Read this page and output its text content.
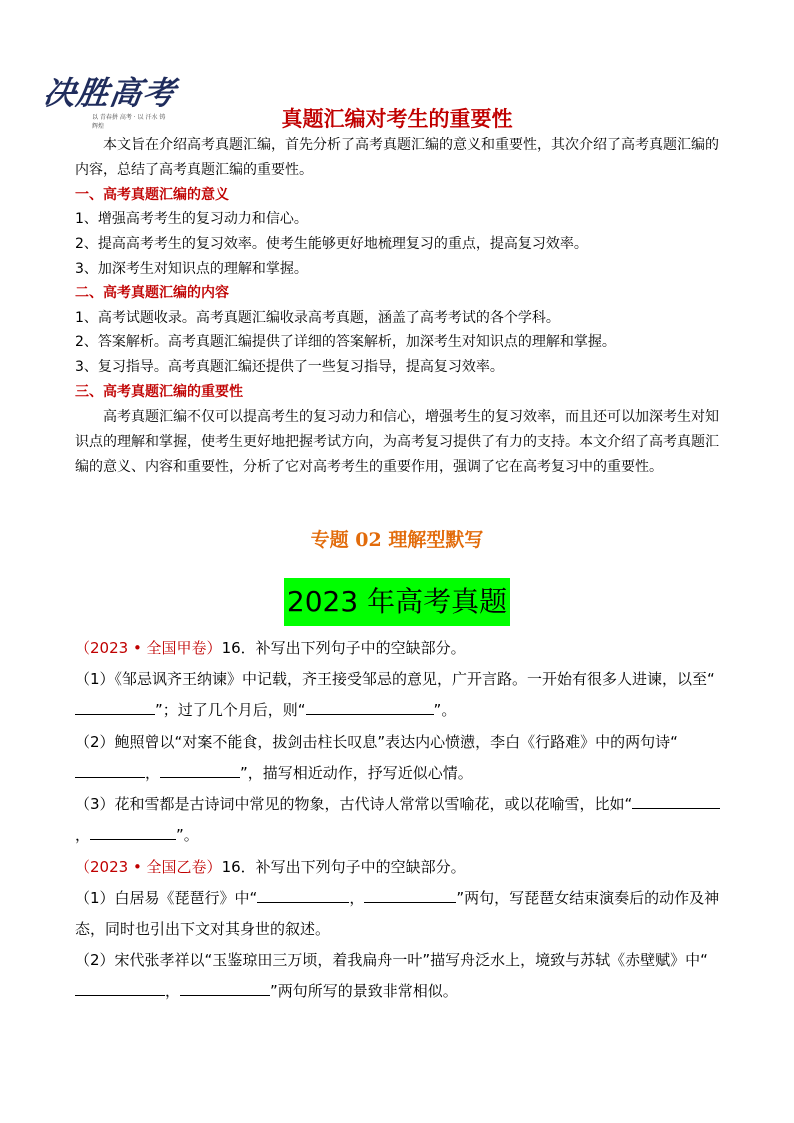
决胜高考
以 青春拼 高考 · 以 汗水 铸 辉煌	真题汇编对考生的重要性

本文旨在介绍高考真题汇编，首先分析了高考真题汇编的意义和重要性，其次介绍了高考真题汇编的内容，总结了高考真题汇编的重要性。

一、高考真题汇编的意义
1、增强高考考生的复习动力和信心。
2、提高高考考生的复习效率。使考生能够更好地梳理复习的重点，提高复习效率。
3、加深考生对知识点的理解和掌握。
二、高考真题汇编的内容
1、高考试题收录。高考真题汇编收录高考真题，涵盖了高考考试的各个学科。
2、答案解析。高考真题汇编提供了详细的答案解析，加深考生对知识点的理解和掌握。
3、复习指导。高考真题汇编还提供了一些复习指导，提高复习效率。
三、高考真题汇编的重要性

高考真题汇编不仅可以提高考生的复习动力和信心，增强考生的复习效率，而且还可以加深考生对知识点的理解和掌握，使考生更好地把握考试方向，为高考复习提供了有力的支持。本文介绍了高考真题汇编的意义、内容和重要性，分析了它对高考考生的重要作用，强调了它在高考复习中的重要性。

专题 02 理解型默写
2023 年高考真题
（2023 • 全国甲卷）16．补写出下列句子中的空缺部分。

（1）《邹忌讽齐王纳谏》中记载，齐王接受邹忌的意见，广开言路。一开始有很多人进谏，以至“”；过了几个月后，则“	”。

（2）鲍照曾以“对案不能食，拔剑击柱长叹息”表达内心愤懑，李白《行路难》中的两句诗“，	”，描写相近动作，抒写近似心情。

（3）花和雪都是古诗词中常见的物象，古代诗人常常以雪喻花，或以花喻雪，比如“，	”。

（2023 • 全国乙卷）16．补写出下列句子中的空缺部分。

（1）白居易《琵琶行》中“	，	”两句，写琵琶女结束演奏后的动作及神态，同时也引出下文对其身世的叙述。

（2）宋代张孝祥以“玉鉴琼田三万顷，着我扁舟一叶”描写舟泛水上，境致与苏轼《赤壁赋》中“，	”两句所写的景致非常相似。
